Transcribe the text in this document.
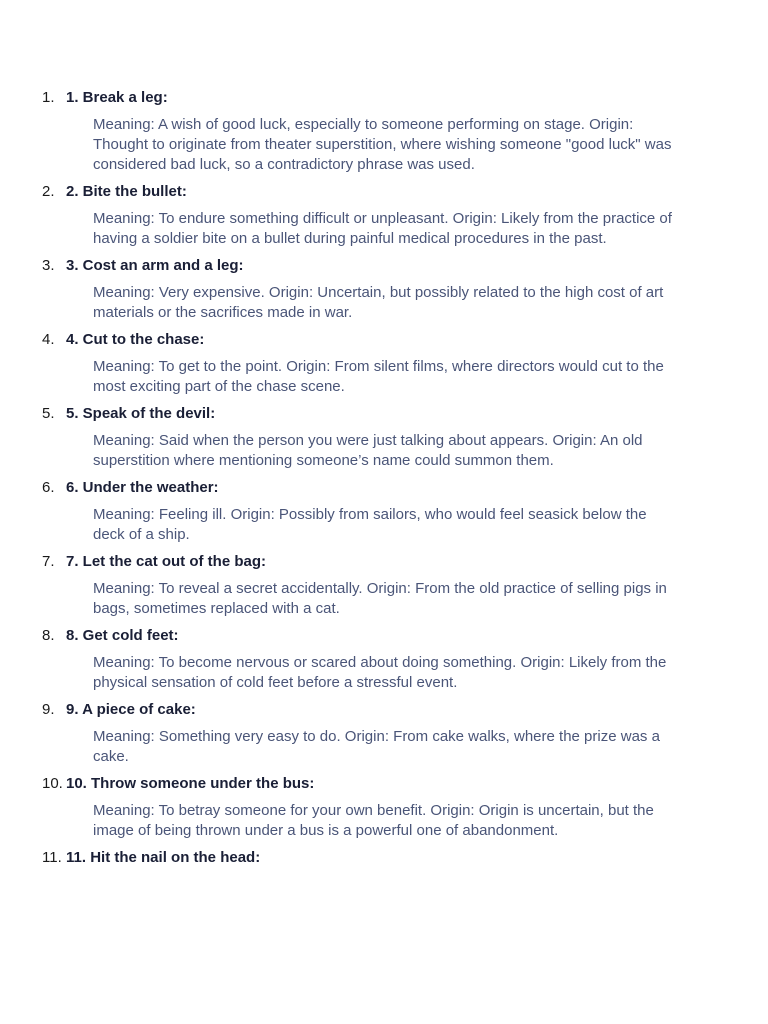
1. 1. Break a leg:

Meaning: A wish of good luck, especially to someone performing on stage. Origin: Thought to originate from theater superstition, where wishing someone "good luck" was considered bad luck, so a contradictory phrase was used.

2. 2. Bite the bullet:

Meaning: To endure something difficult or unpleasant. Origin: Likely from the practice of having a soldier bite on a bullet during painful medical procedures in the past.

3. 3. Cost an arm and a leg:

Meaning: Very expensive. Origin: Uncertain, but possibly related to the high cost of art materials or the sacrifices made in war.

4. 4. Cut to the chase:

Meaning: To get to the point. Origin: From silent films, where directors would cut to the most exciting part of the chase scene.

5. 5. Speak of the devil:

Meaning: Said when the person you were just talking about appears. Origin: An old superstition where mentioning someone’s name could summon them.

6. 6. Under the weather:

Meaning: Feeling ill. Origin: Possibly from sailors, who would feel seasick below the deck of a ship.

7. 7. Let the cat out of the bag:

Meaning: To reveal a secret accidentally. Origin: From the old practice of selling pigs in bags, sometimes replaced with a cat.

8. 8. Get cold feet:

Meaning: To become nervous or scared about doing something. Origin: Likely from the physical sensation of cold feet before a stressful event.

9. 9. A piece of cake:

Meaning: Something very easy to do. Origin: From cake walks, where the prize was a cake.

10. 10. Throw someone under the bus:

Meaning: To betray someone for your own benefit. Origin: Origin is uncertain, but the image of being thrown under a bus is a powerful one of abandonment.

11. 11. Hit the nail on the head:
